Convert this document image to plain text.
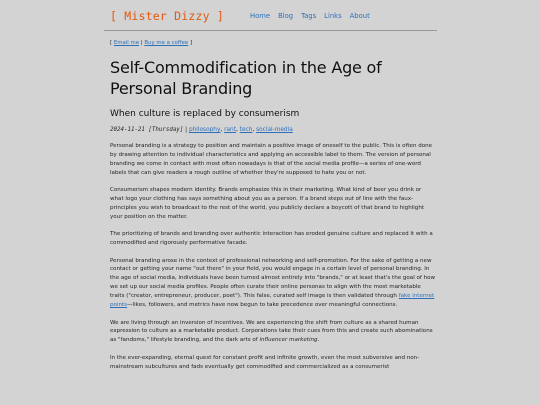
[ Mister Dizzy ]	Home Blog Tags Links About
[ Email me | Buy me a coffee ]
Self-Commodification in the Age of Personal Branding
When culture is replaced by consumerism
2024-11-21 [Thursday] | philosophy, rant, tech, social-media

Personal branding is a strategy to position and maintain a positive image of oneself to the public. This is often done by drawing attention to individual characteristics and applying an accessible label to them. The version of personal branding we come in contact with most often nowadays is that of the social media profile—a series of one-word labels that can give readers a rough outline of whether they're supposed to hate you or not.

Consumerism shapes modern identity. Brands emphasize this in their marketing. What kind of beer you drink or what logo your clothing has says something about you as a person. If a brand steps out of line with the faux-principles you wish to broadcast to the rest of the world, you publicly declare a boycott of that brand to highlight your position on the matter.

The prioritizing of brands and branding over authentic interaction has eroded genuine culture and replaced it with a commodified and rigorously performative facade.

Personal branding arose in the context of professional networking and self-promotion. For the sake of getting a new contact or getting your name "out there" in your field, you would engage in a certain level of personal branding. In the age of social media, individuals have been turned almost entirely into "brands," or at least that's the goal of how we set up our social media profiles. People often curate their online personas to align with the most marketable traits ("creator, entrepreneur, producer, poet"). This false, curated self image is then validated through fake internet points—likes, followers, and metrics have now begun to take precedence over meaningful connections.

We are living through an inversion of incentives. We are experiencing the shift from culture as a shared human expression to culture as a marketable product. Corporations take their cues from this and create such abominations as "fandoms," lifestyle branding, and the dark arts of influencer marketing.

In the ever-expanding, eternal quest for constant profit and infinite growth, even the most subversive and non-mainstream subcultures and fads eventually get commodified and commercialized as a consumerist
